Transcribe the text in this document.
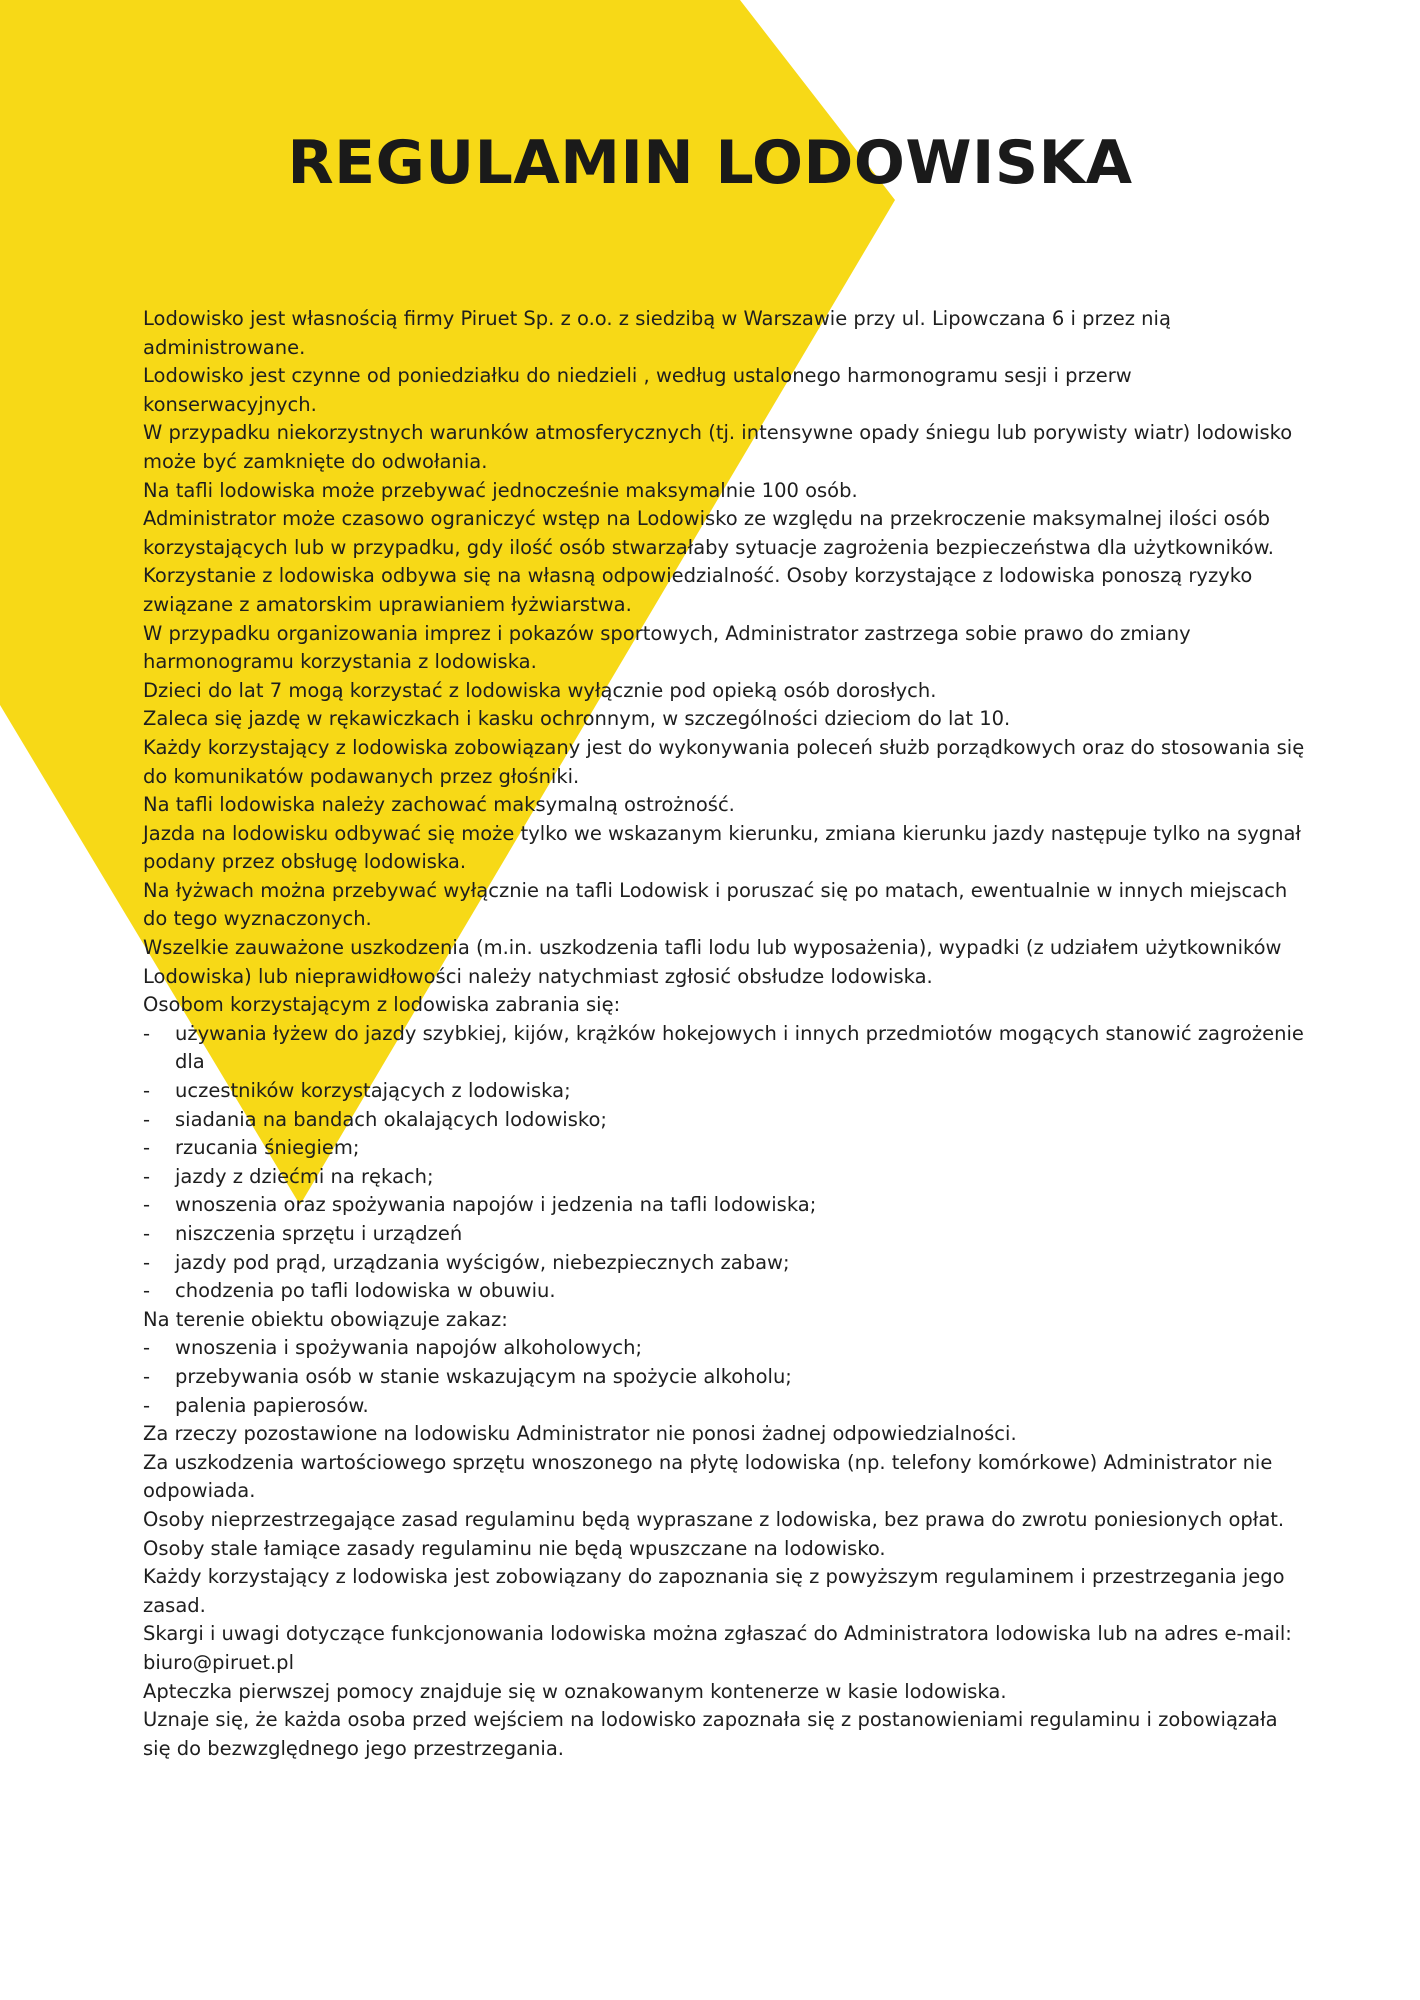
REGULAMIN LODOWISKA

Lodowisko jest własnością firmy Piruet Sp. z o.o. z siedzibą w Warszawie przy ul. Lipowczana 6 i przez nią administrowane.

Lodowisko jest czynne od poniedziałku do niedzieli , według ustalonego harmonogramu sesji i przerw konserwacyjnych.

W przypadku niekorzystnych warunków atmosferycznych (tj. intensywne opady śniegu lub porywisty wiatr) lodowisko może być zamknięte do odwołania.

Na tafli lodowiska może przebywać jednocześnie maksymalnie 100 osób.

Administrator może czasowo ograniczyć wstęp na Lodowisko ze względu na przekroczenie maksymalnej ilości osób korzystających lub w przypadku, gdy ilość osób stwarzałaby sytuacje zagrożenia bezpieczeństwa dla użytkowników.

Korzystanie z lodowiska odbywa się na własną odpowiedzialność. Osoby korzystające z lodowiska ponoszą ryzyko związane z amatorskim uprawianiem łyżwiarstwa.

W przypadku organizowania imprez i pokazów sportowych, Administrator zastrzega sobie prawo do zmiany harmonogramu korzystania z lodowiska.

Dzieci do lat 7 mogą korzystać z lodowiska wyłącznie pod opieką osób dorosłych.

Zaleca się jazdę w rękawiczkach i kasku ochronnym, w szczególności dzieciom do lat 10.

Każdy korzystający z lodowiska zobowiązany jest do wykonywania poleceń służb porządkowych oraz do stosowania się do komunikatów podawanych przez głośniki.

Na tafli lodowiska należy zachować maksymalną ostrożność.

Jazda na lodowisku odbywać się może tylko we wskazanym kierunku, zmiana kierunku jazdy następuje tylko na sygnał podany przez obsługę lodowiska.

Na łyżwach można przebywać wyłącznie na tafli Lodowisk i poruszać się po matach, ewentualnie w innych miejscach do tego wyznaczonych.

Wszelkie zauważone uszkodzenia (m.in. uszkodzenia tafli lodu lub wyposażenia), wypadki (z udziałem użytkowników Lodowiska) lub nieprawidłowości należy natychmiast zgłosić obsłudze lodowiska.

Osobom korzystającym z lodowiska zabrania się:

- używania łyżew do jazdy szybkiej, kijów, krążków hokejowych i innych przedmiotów mogących stanowić zagrożenie dla
- uczestników korzystających z lodowiska;
- siadania na bandach okalających lodowisko;
- rzucania śniegiem;
- jazdy z dziećmi na rękach;
- wnoszenia oraz spożywania napojów i jedzenia na tafli lodowiska;
- niszczenia sprzętu i urządzeń
- jazdy pod prąd, urządzania wyścigów, niebezpiecznych zabaw;
- chodzenia po tafli lodowiska w obuwiu.

Na terenie obiektu obowiązuje zakaz:

- wnoszenia i spożywania napojów alkoholowych;
- przebywania osób w stanie wskazującym na spożycie alkoholu;
- palenia papierosów.

Za rzeczy pozostawione na lodowisku Administrator nie ponosi żadnej odpowiedzialności.

Za uszkodzenia wartościowego sprzętu wnoszonego na płytę lodowiska (np. telefony komórkowe) Administrator nie odpowiada.

Osoby nieprzestrzegające zasad regulaminu będą wypraszane z lodowiska, bez prawa do zwrotu poniesionych opłat.

Osoby stale łamiące zasady regulaminu nie będą wpuszczane na lodowisko.

Każdy korzystający z lodowiska jest zobowiązany do zapoznania się z powyższym regulaminem i przestrzegania jego zasad.

Skargi i uwagi dotyczące funkcjonowania lodowiska można zgłaszać do Administratora lodowiska lub na adres e-mail: biuro@piruet.pl

Apteczka pierwszej pomocy znajduje się w oznakowanym kontenerze w kasie lodowiska.

Uznaje się, że każda osoba przed wejściem na lodowisko zapoznała się z postanowieniami regulaminu i zobowiązała się do bezwzględnego jego przestrzegania.
